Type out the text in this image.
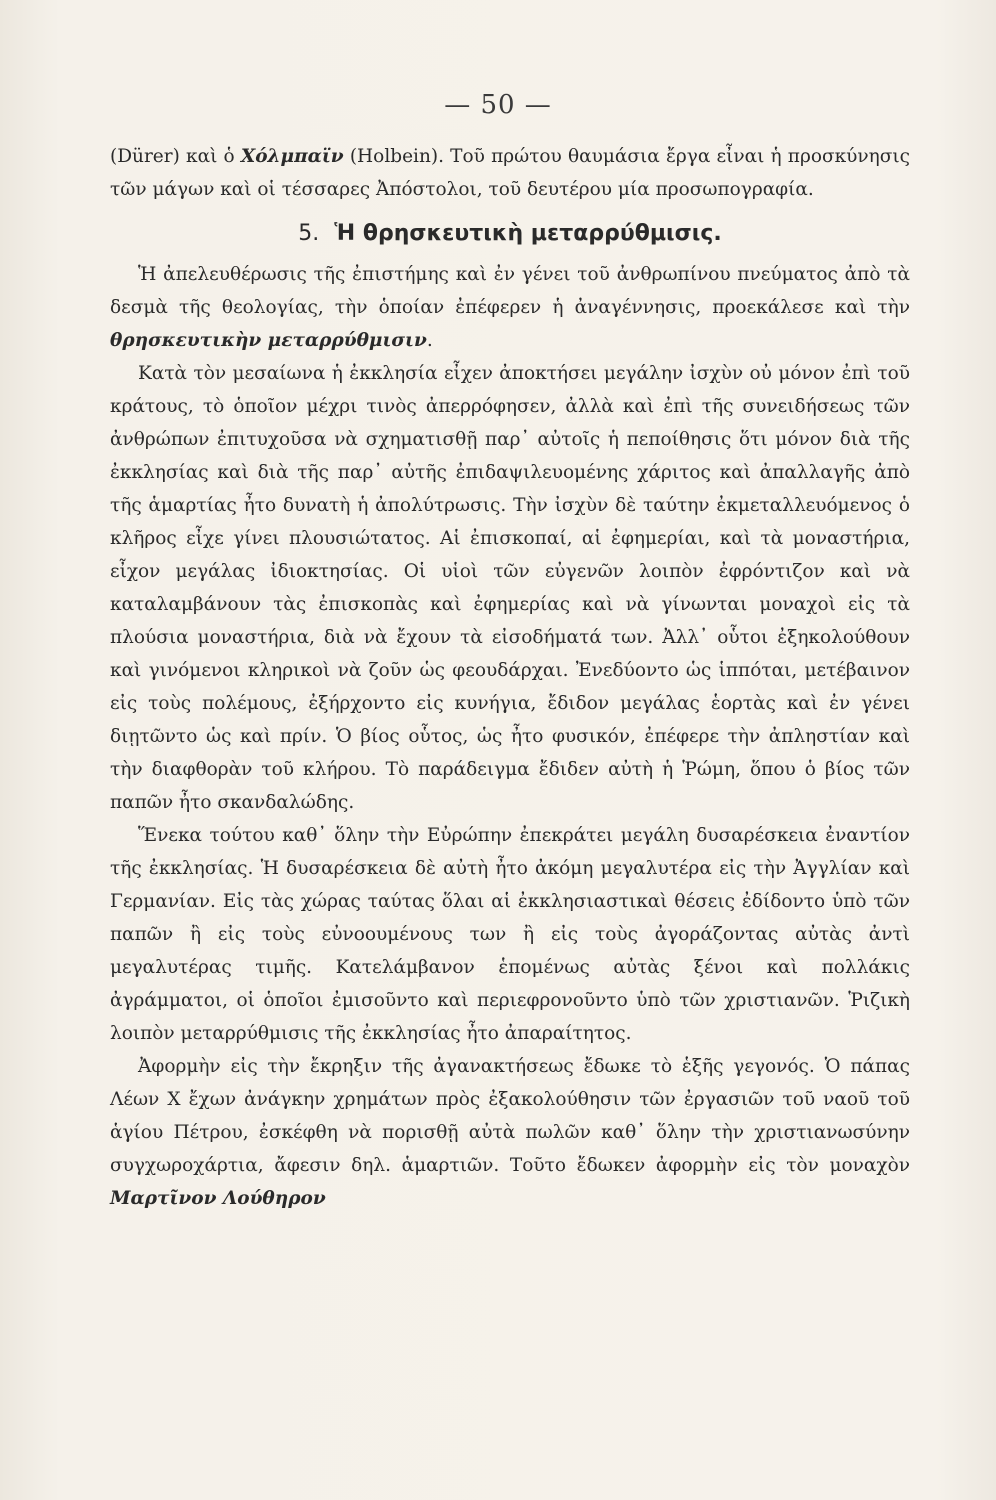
— 50 —

(Dürer) καὶ ὁ Χόλμπαϊν (Holbein). Τοῦ πρώτου θαυμάσια ἔργα εἶναι ἡ προσκύνησις τῶν μάγων καὶ οἱ τέσσαρες Ἀπόστολοι, τοῦ δευτέρου μία προσωπογραφία.

5. Ἡ θρησκευτικὴ μεταρρύθμισις.

Ἡ ἀπελευθέρωσις τῆς ἐπιστήμης καὶ ἐν γένει τοῦ ἀνθρωπίνου πνεύματος ἀπὸ τὰ δεσμὰ τῆς θεολογίας, τὴν ὁποίαν ἐπέφερεν ἡ ἀναγέννησις, προεκάλεσε καὶ τὴν θρησκευτικὴν μεταρρύθμισιν.

Κατὰ τὸν μεσαίωνα ἡ ἐκκλησία εἶχεν ἀποκτήσει μεγάλην ἰσχὺν οὐ μόνον ἐπὶ τοῦ κράτους, τὸ ὁποῖον μέχρι τινὸς ἀπερρόφησεν, ἀλλὰ καὶ ἐπὶ τῆς συνειδήσεως τῶν ἀνθρώπων ἐπιτυχοῦσα νὰ σχηματισθῇ παρ᾽ αὐτοῖς ἡ πεποίθησις ὅτι μόνον διὰ τῆς ἐκκλησίας καὶ διὰ τῆς παρ᾽ αὐτῆς ἐπιδαψιλευομένης χάριτος καὶ ἀπαλλαγῆς ἀπὸ τῆς ἁμαρτίας ἦτο δυνατὴ ἡ ἀπολύτρωσις. Τὴν ἰσχὺν δὲ ταύτην ἐκμεταλλευόμενος ὁ κλῆρος εἶχε γίνει πλουσιώτατος. Αἱ ἐπισκοπαί, αἱ ἐφημερίαι, καὶ τὰ μοναστήρια, εἶχον μεγάλας ἰδιοκτησίας. Οἱ υἱοὶ τῶν εὐγενῶν λοιπὸν ἐφρόντιζον καὶ νὰ καταλαμβάνουν τὰς ἐπισκοπὰς καὶ ἐφημερίας καὶ νὰ γίνωνται μοναχοὶ εἰς τὰ πλούσια μοναστήρια, διὰ νὰ ἔχουν τὰ εἰσοδήματά των. Ἀλλ᾽ οὗτοι ἐξηκολούθουν καὶ γινόμενοι κληρικοὶ νὰ ζοῦν ὡς φεουδάρχαι. Ἐνεδύοντο ὡς ἱππόται, μετέβαινον εἰς τοὺς πολέμους, ἐξήρχοντο εἰς κυνήγια, ἔδιδον μεγάλας ἑορτὰς καὶ ἐν γένει διῃτῶντο ὡς καὶ πρίν. Ὁ βίος οὗτος, ὡς ἦτο φυσικόν, ἐπέφερε τὴν ἀπληστίαν καὶ τὴν διαφθορὰν τοῦ κλήρου. Τὸ παράδειγμα ἔδιδεν αὐτὴ ἡ Ῥώμη, ὅπου ὁ βίος τῶν παπῶν ἦτο σκανδαλώδης.

Ἕνεκα τούτου καθ᾽ ὅλην τὴν Εὐρώπην ἐπεκράτει μεγάλη δυσαρέσκεια ἐναντίον τῆς ἐκκλησίας. Ἡ δυσαρέσκεια δὲ αὐτὴ ἦτο ἀκόμη μεγαλυτέρα εἰς τὴν Ἀγγλίαν καὶ Γερμανίαν. Εἰς τὰς χώρας ταύτας ὅλαι αἱ ἐκκλησιαστικαὶ θέσεις ἐδίδοντο ὑπὸ τῶν παπῶν ἢ εἰς τοὺς εὐνοουμένους των ἢ εἰς τοὺς ἀγοράζοντας αὐτὰς ἀντὶ μεγαλυτέρας τιμῆς. Κατελάμβανον ἑπομένως αὐτὰς ξένοι καὶ πολλάκις ἀγράμματοι, οἱ ὁποῖοι ἐμισοῦντο καὶ περιεφρονοῦντο ὑπὸ τῶν χριστιανῶν. Ῥιζικὴ λοιπὸν μεταρρύθμισις τῆς ἐκκλησίας ἦτο ἀπαραίτητος.

Ἀφορμὴν εἰς τὴν ἔκρηξιν τῆς ἀγανακτήσεως ἔδωκε τὸ ἑξῆς γεγονός. Ὁ πάπας Λέων Χ ἔχων ἀνάγκην χρημάτων πρὸς ἐξακολούθησιν τῶν ἐργασιῶν τοῦ ναοῦ τοῦ ἁγίου Πέτρου, ἐσκέφθη νὰ πορισθῇ αὐτὰ πωλῶν καθ᾽ ὅλην τὴν χριστιανωσύνην συγχωροχάρτια, ἄφεσιν δηλ. ἁμαρτιῶν. Τοῦτο ἔδωκεν ἀφορμὴν εἰς τὸν μοναχὸν Μαρτῖνον Λούθηρον
